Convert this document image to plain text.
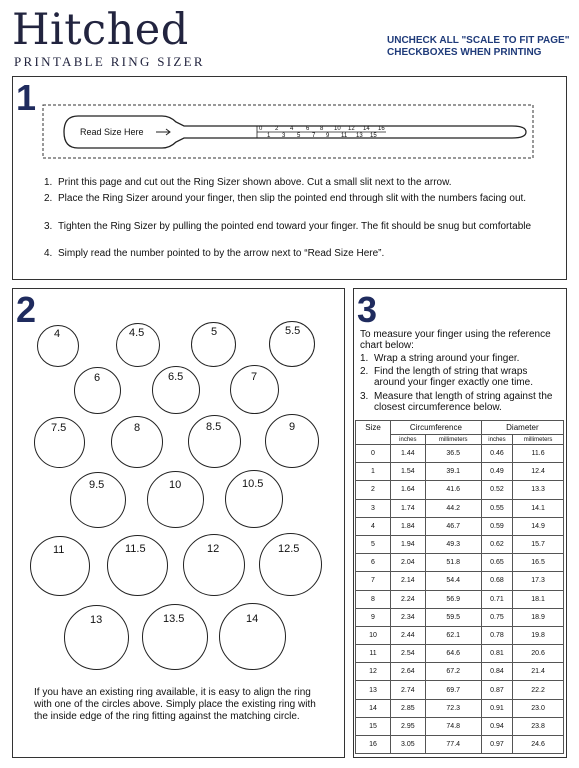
Hitched
PRINTABLE RING SIZER
UNCHECK ALL "SCALE TO FIT PAGE" CHECKBOXES WHEN PRINTING
1
Read Size Here	0 2 4 6 8 10 12 14 16
1 3 5 7 9 11 13 15
1. Print this page and cut out the Ring Sizer shown above. Cut a small slit next to the arrow.
2. Place the Ring Sizer around your finger, then slip the pointed end through slit with the numbers facing out.
3. Tighten the Ring Sizer by pulling the pointed end toward your finger. The fit should be snug but comfortable
4. Simply read the number pointed to by the arrow next to “Read Size Here”.
2
4	4.5	5	5.5
6	6.5	7
7.5	8	8.5	9
9.5	10	10.5
11	11.5	12	12.5
13	13.5	14
If you have an existing ring available, it is easy to align the ring with one of the circles above. Simply place the existing ring with the inside edge of the ring fitting against the matching circle.
3
To measure your finger using the reference chart below:
1. Wrap a string around your finger.
2. Find the length of string that wraps around your finger exactly one time.
3. Measure that length of string against the closest circumference below.
Size	Circumference		Diameter	
	inches	millimeters	inches	millimeters
0	1.44	36.5	0.46	11.6
1	1.54	39.1	0.49	12.4
2	1.64	41.6	0.52	13.3
3	1.74	44.2	0.55	14.1
4	1.84	46.7	0.59	14.9
5	1.94	49.3	0.62	15.7
6	2.04	51.8	0.65	16.5
7	2.14	54.4	0.68	17.3
8	2.24	56.9	0.71	18.1
9	2.34	59.5	0.75	18.9
10	2.44	62.1	0.78	19.8
11	2.54	64.6	0.81	20.6
12	2.64	67.2	0.84	21.4
13	2.74	69.7	0.87	22.2
14	2.85	72.3	0.91	23.0
15	2.95	74.8	0.94	23.8
16	3.05	77.4	0.97	24.6
